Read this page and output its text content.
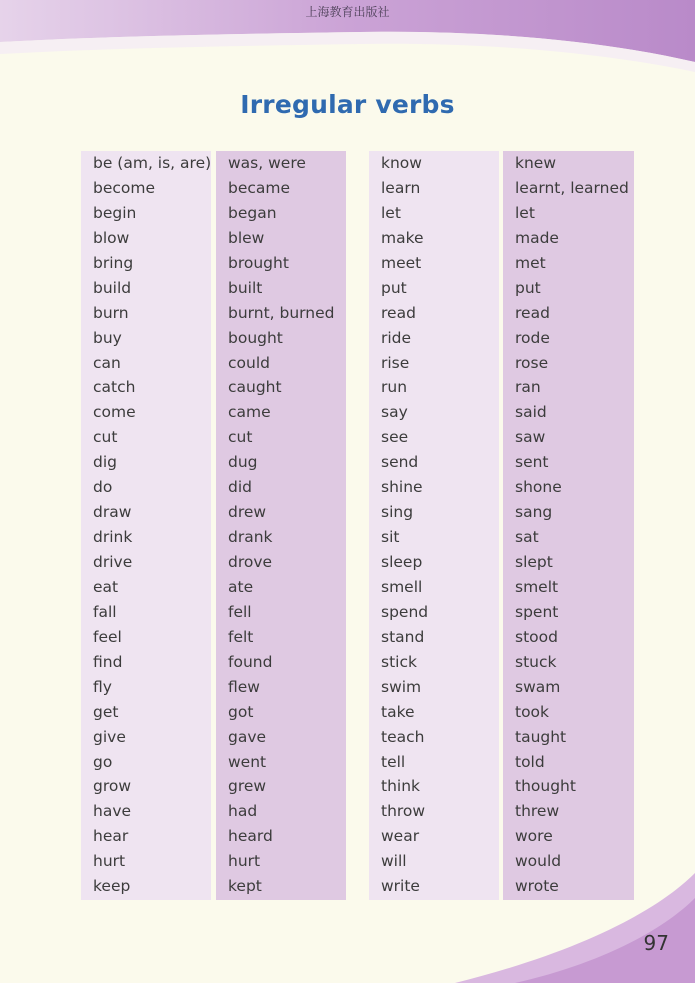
上海教育出版社
Irregular verbs
be (am, is, are)
become
begin
blow
bring
build
burn
buy
can
catch
come
cut
dig
do
draw
drink
drive
eat
fall
feel
find
fly
get
give
go
grow
have
hear
hurt
keep
was, were
became
began
blew
brought
built
burnt, burned
bought
could
caught
came
cut
dug
did
drew
drank
drove
ate
fell
felt
found
flew
got
gave
went
grew
had
heard
hurt
kept
know
learn
let
make
meet
put
read
ride
rise
run
say
see
send
shine
sing
sit
sleep
smell
spend
stand
stick
swim
take
teach
tell
think
throw
wear
will
write
knew
learnt, learned
let
made
met
put
read
rode
rose
ran
said
saw
sent
shone
sang
sat
slept
smelt
spent
stood
stuck
swam
took
taught
told
thought
threw
wore
would
wrote
97
